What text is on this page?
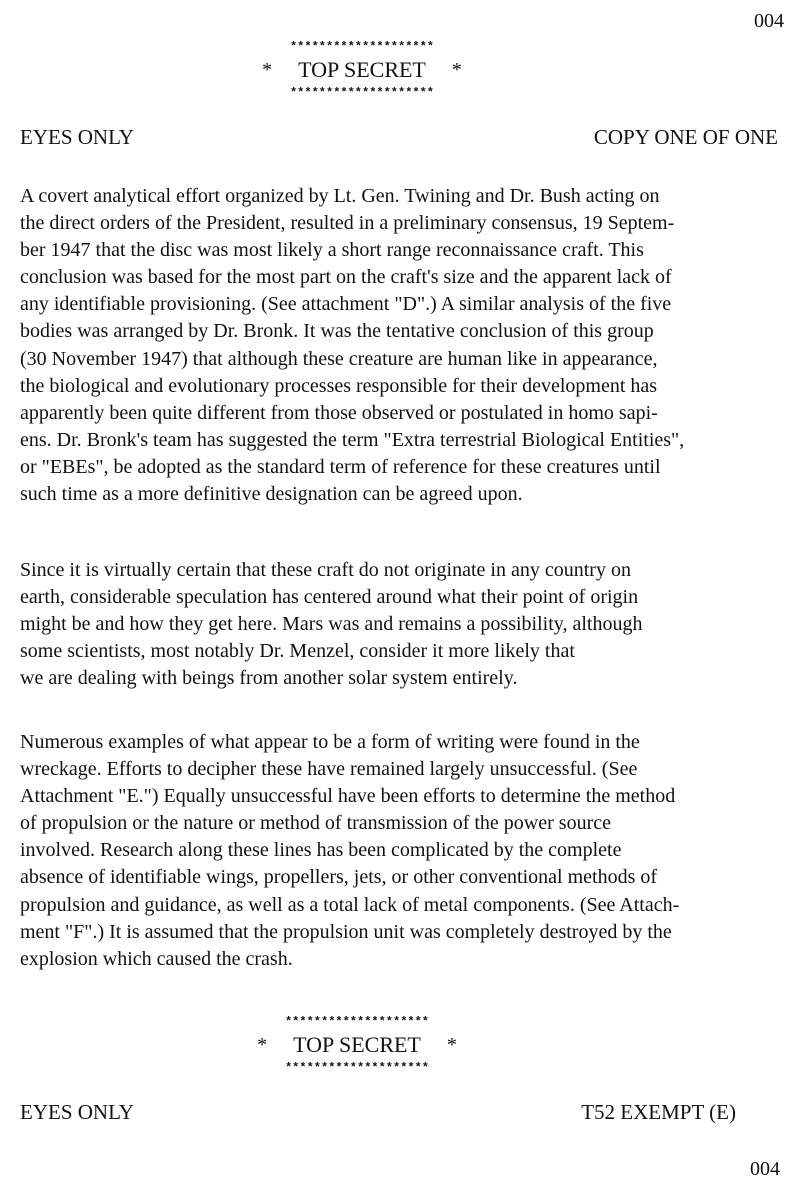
004
********************
* TOP SECRET *
********************
EYES ONLY	COPY ONE OF ONE
A covert analytical effort organized by Lt. Gen. Twining and Dr. Bush acting on
the direct orders of the President, resulted in a preliminary consensus, 19 Septem-
ber 1947 that the disc was most likely a short range reconnaissance craft. This
conclusion was based for the most part on the craft's size and the apparent lack of
any identifiable provisioning. (See attachment "D".) A similar analysis of the five
bodies was arranged by Dr. Bronk. It was the tentative conclusion of this group
(30 November 1947) that although these creature are human like in appearance,
the biological and evolutionary processes responsible for their development has
apparently been quite different from those observed or postulated in homo sapi-
ens. Dr. Bronk's team has suggested the term "Extra terrestrial Biological Entities",
or "EBEs", be adopted as the standard term of reference for these creatures until
such time as a more definitive designation can be agreed upon.
Since it is virtually certain that these craft do not originate in any country on
earth, considerable speculation has centered around what their point of origin
might be and how they get here. Mars was and remains a possibility, although
some scientists, most notably Dr. Menzel, consider it more likely that
we are dealing with beings from another solar system entirely.
Numerous examples of what appear to be a form of writing were found in the
wreckage. Efforts to decipher these have remained largely unsuccessful. (See
Attachment "E.") Equally unsuccessful have been efforts to determine the method
of propulsion or the nature or method of transmission of the power source
involved. Research along these lines has been complicated by the complete
absence of identifiable wings, propellers, jets, or other conventional methods of
propulsion and guidance, as well as a total lack of metal components. (See Attach-
ment "F".) It is assumed that the propulsion unit was completely destroyed by the
explosion which caused the crash.
********************
* TOP SECRET *
********************
EYES ONLY	T52 EXEMPT (E)
004
